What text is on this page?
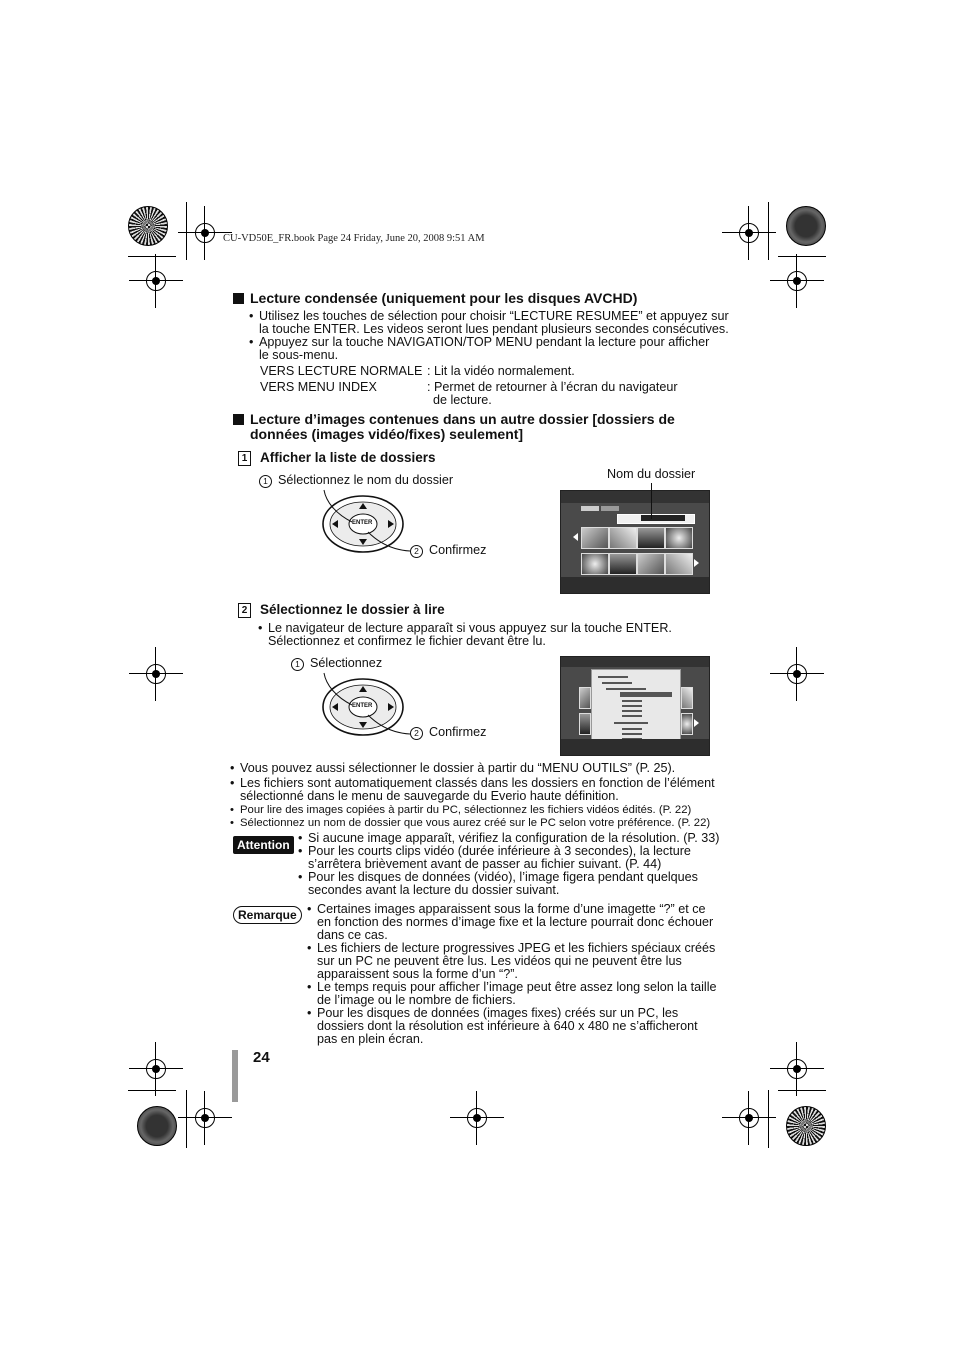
CU-VD50E_FR.book Page 24 Friday, June 20, 2008 9:51 AM
Lecture condensée (uniquement pour les disques AVCHD)
• Utilisez les touches de sélection pour choisir “LECTURE RESUMEE” et appuyez sur
la touche ENTER. Les videos seront lues pendant plusieurs secondes consécutives.
• Appuyez sur la touche NAVIGATION/TOP MENU pendant la lecture pour afficher
le sous-menu.
VERS LECTURE NORMALE : Lit la vidéo normalement.
VERS MENU INDEX	: Permet de retourner à l’écran du navigateur
de lecture.
Lecture d’images contenues dans un autre dossier [dossiers de
données (images vidéo/fixes) seulement]
1 Afficher la liste de dossiers
1 Sélectionnez le nom du dossier	Nom du dossier
ENTER
2 Confirmez
2 Sélectionnez le dossier à lire
• Le navigateur de lecture apparaît si vous appuyez sur la touche ENTER.
Sélectionnez et confirmez le fichier devant être lu.
1 Sélectionnez
ENTER
2 Confirmez
• Vous pouvez aussi sélectionner le dossier à partir du “MENU OUTILS” (P. 25).
• Les fichiers sont automatiquement classés dans les dossiers en fonction de l’élément
sélectionné dans le menu de sauvegarde du Everio haute définition.
• Pour lire des images copiées à partir du PC, sélectionnez les fichiers vidéos édités. (P. 22)
• Sélectionnez un nom de dossier que vous aurez créé sur le PC selon votre préférence. (P. 22)
Attention	• Si aucune image apparaît, vérifiez la configuration de la résolution. (P. 33)
• Pour les courts clips vidéo (durée inférieure à 3 secondes), la lecture
s’arrêtera brièvement avant de passer au fichier suivant. (P. 44)
• Pour les disques de données (vidéo), l’image figera pendant quelques
secondes avant la lecture du dossier suivant.
Remarque	• Certaines images apparaissent sous la forme d’une imagette “?” et ce
en fonction des normes d’image fixe et la lecture pourrait donc échouer
dans ce cas.
• Les fichiers de lecture progressives JPEG et les fichiers spéciaux créés
sur un PC ne peuvent être lus. Les vidéos qui ne peuvent être lus
apparaissent sous la forme d’un “?”.
• Le temps requis pour afficher l’image peut être assez long selon la taille
de l’image ou le nombre de fichiers.
• Pour les disques de données (images fixes) créés sur un PC, les
dossiers dont la résolution est inférieure à 640 x 480 ne s’afficheront
pas en plein écran.
24
